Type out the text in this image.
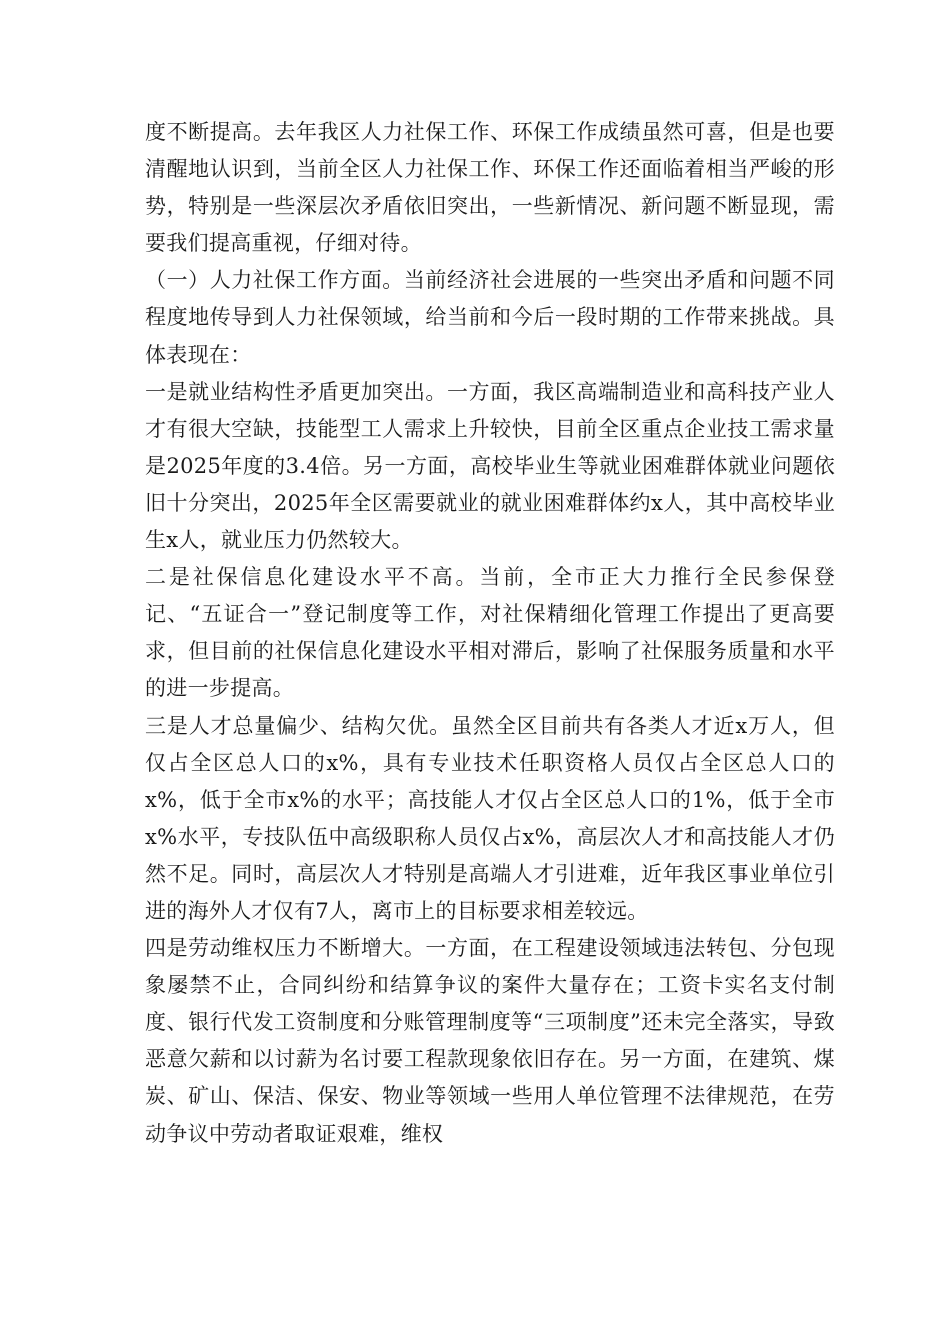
度不断提高。去年我区人力社保工作、环保工作成绩虽然可喜，但是也要清醒地认识到，当前全区人力社保工作、环保工作还面临着相当严峻的形势，特别是一些深层次矛盾依旧突出，一些新情况、新问题不断显现，需要我们提高重视，仔细对待。

（一）人力社保工作方面。当前经济社会进展的一些突出矛盾和问题不同程度地传导到人力社保领域，给当前和今后一段时期的工作带来挑战。具体表现在：

一是就业结构性矛盾更加突出。一方面，我区高端制造业和高科技产业人才有很大空缺，技能型工人需求上升较快，目前全区重点企业技工需求量是2025年度的3.4倍。另一方面，高校毕业生等就业困难群体就业问题依旧十分突出，2025年全区需要就业的就业困难群体约x人，其中高校毕业生x人，就业压力仍然较大。

二是社保信息化建设水平不高。当前，全市正大力推行全民参保登记、“五证合一”登记制度等工作，对社保精细化管理工作提出了更高要求，但目前的社保信息化建设水平相对滞后，影响了社保服务质量和水平的进一步提高。

三是人才总量偏少、结构欠优。虽然全区目前共有各类人才近x万人，但仅占全区总人口的x%，具有专业技术任职资格人员仅占全区总人口的x%，低于全市x%的水平；高技能人才仅占全区总人口的1%，低于全市x%水平，专技队伍中高级职称人员仅占x%，高层次人才和高技能人才仍然不足。同时，高层次人才特别是高端人才引进难，近年我区事业单位引进的海外人才仅有7人，离市上的目标要求相差较远。

四是劳动维权压力不断增大。一方面，在工程建设领域违法转包、分包现象屡禁不止，合同纠纷和结算争议的案件大量存在；工资卡实名支付制度、银行代发工资制度和分账管理制度等“三项制度”还未完全落实，导致恶意欠薪和以讨薪为名讨要工程款现象依旧存在。另一方面，在建筑、煤炭、矿山、保洁、保安、物业等领域一些用人单位管理不法律规范，在劳动争议中劳动者取证艰难，维权
